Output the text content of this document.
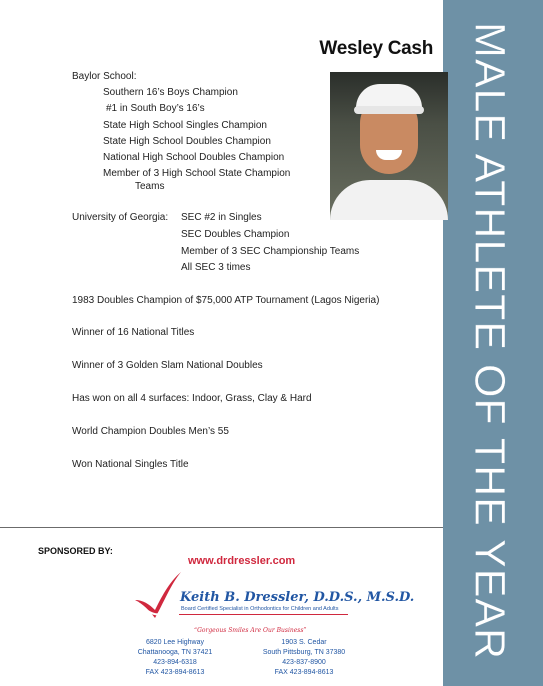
MALE ATHLETE OF THE YEAR
Wesley Cash
Baylor School:
Southern 16’s Boys Champion
#1 in South Boy’s 16’s
State High School Singles Champion
State High School Doubles Champion
National High School Doubles Champion
Member of 3 High School State Champion
Teams
University of Georgia: SEC #2 in Singles
SEC Doubles Champion
Member of 3 SEC Championship Teams
All SEC 3 times
1983 Doubles Champion of $75,000 ATP Tournament (Lagos Nigeria)
Winner of 16 National Titles
Winner of 3 Golden Slam National Doubles
Has won on all 4 surfaces: Indoor, Grass, Clay & Hard
World Champion Doubles Men’s 55
Won National Singles Title
SPONSORED BY:
www.drdressler.com
Keith B. Dressler, D.D.S., M.S.D.
Board Certified Specialist in Orthodontics for Children and Adults
“Gorgeous Smiles Are Our Business”
6820 Lee Highway
Chattanooga, TN 37421
423-894-6318
FAX 423-894-8613
1903 S. Cedar
South Pittsburg, TN 37380
423-837-8900
FAX 423-894-8613
